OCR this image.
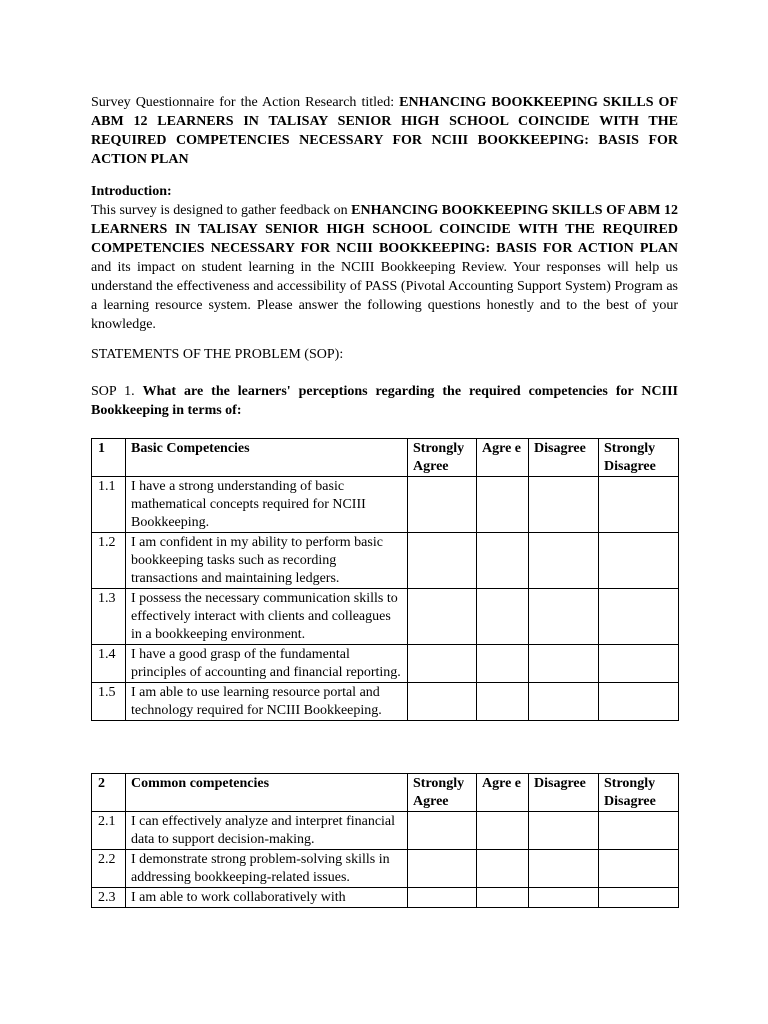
Survey Questionnaire for the Action Research titled: ENHANCING BOOKKEEPING SKILLS OF ABM 12 LEARNERS IN TALISAY SENIOR HIGH SCHOOL COINCIDE WITH THE REQUIRED COMPETENCIES NECESSARY FOR NCIII BOOKKEEPING: BASIS FOR ACTION PLAN

Introduction:

This survey is designed to gather feedback on ENHANCING BOOKKEEPING SKILLS OF ABM 12 LEARNERS IN TALISAY SENIOR HIGH SCHOOL COINCIDE WITH THE REQUIRED COMPETENCIES NECESSARY FOR NCIII BOOKKEEPING: BASIS FOR ACTION PLAN and its impact on student learning in the NCIII Bookkeeping Review. Your responses will help us understand the effectiveness and accessibility of PASS (Pivotal Accounting Support System) Program as a learning resource system. Please answer the following questions honestly and to the best of your knowledge.

STATEMENTS OF THE PROBLEM (SOP):

SOP 1. What are the learners' perceptions regarding the required competencies for NCIII Bookkeeping in terms of:

1	Basic Competencies	Strongly Agree	Agre e	Disagree	Strongly Disagree
1.1	I have a strong understanding of basic mathematical concepts required for NCIII Bookkeeping.				
1.2	I am confident in my ability to perform basic bookkeeping tasks such as recording transactions and maintaining ledgers.				
1.3	I possess the necessary communication skills to effectively interact with clients and colleagues in a bookkeeping environment.				
1.4	I have a good grasp of the fundamental principles of accounting and financial reporting.				
1.5	I am able to use learning resource portal and technology required for NCIII Bookkeeping.				
2	Common competencies	Strongly Agree	Agre e	Disagree	Strongly Disagree
2.1	I can effectively analyze and interpret financial data to support decision-making.				
2.2	I demonstrate strong problem-solving skills in addressing bookkeeping-related issues.				
2.3	I am able to work collaboratively with				
